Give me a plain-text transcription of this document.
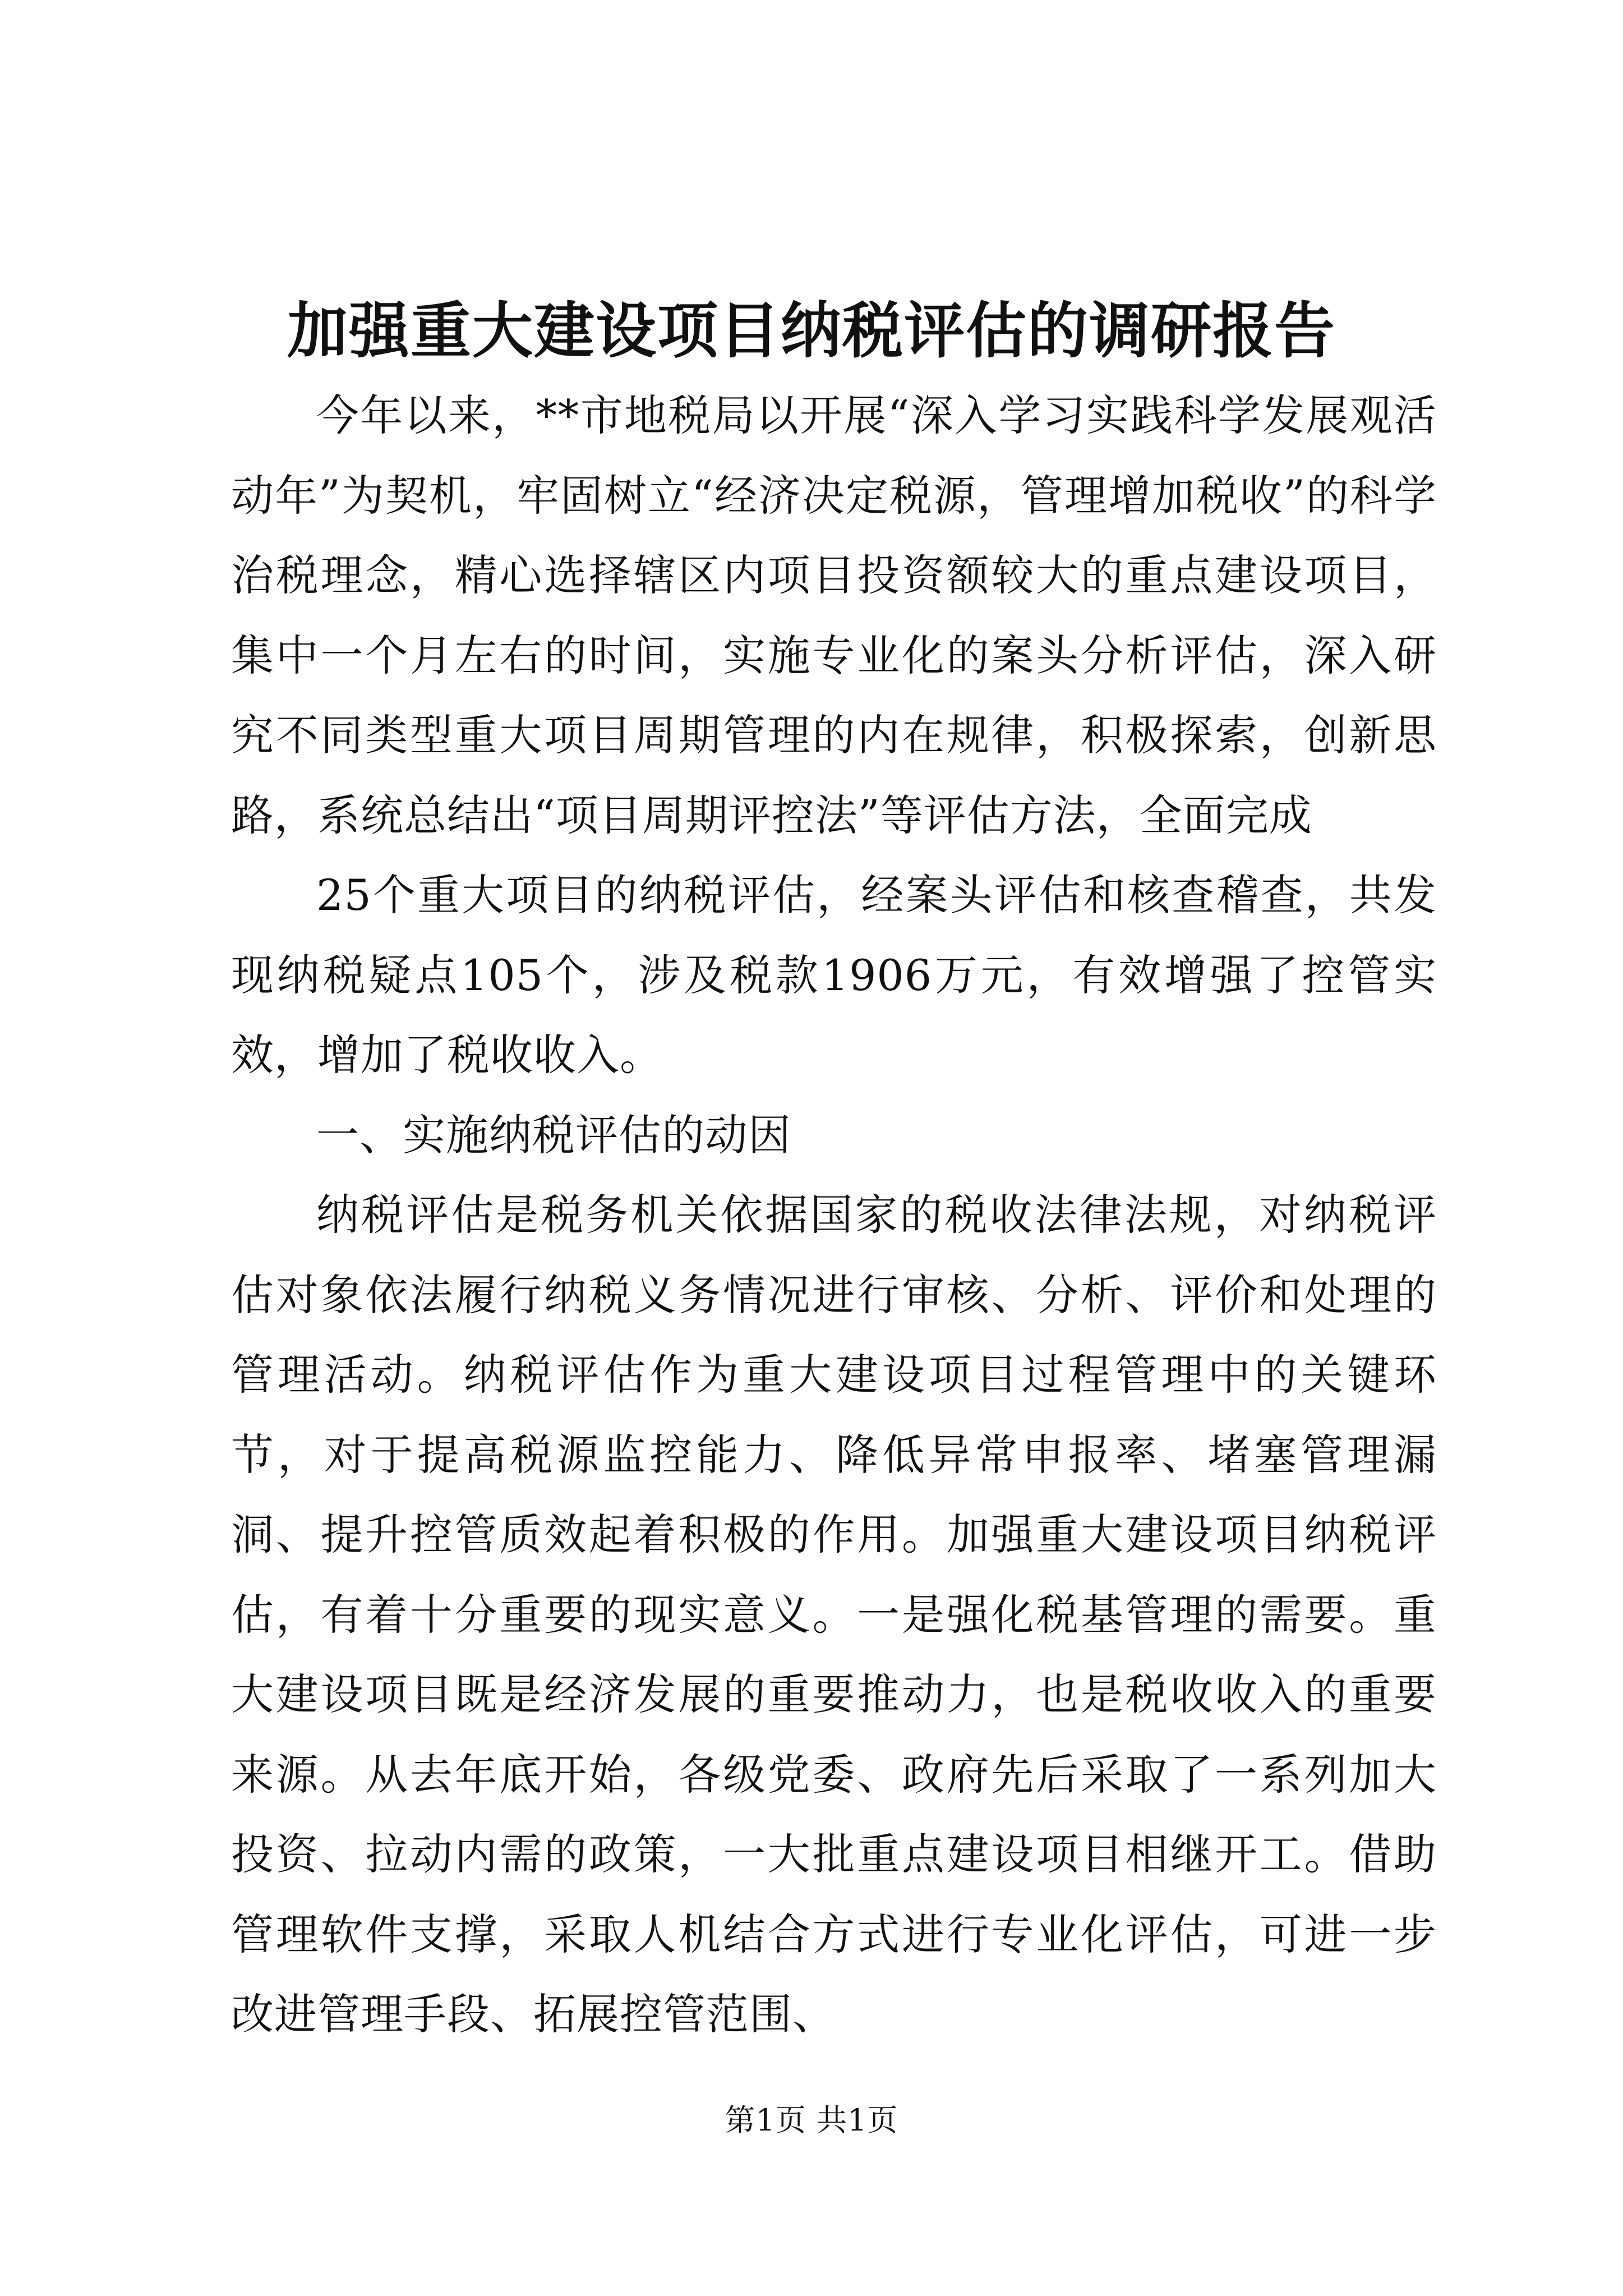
加强重大建设项目纳税评估的调研报告

今年以来，**市地税局以开展“深入学习实践科学发展观活动年”为契机，牢固树立“经济决定税源，管理增加税收”的科学治税理念，精心选择辖区内项目投资额较大的重点建设项目，集中一个月左右的时间，实施专业化的案头分析评估，深入研究不同类型重大项目周期管理的内在规律，积极探索，创新思路，系统总结出“项目周期评控法”等评估方法，全面完成

25个重大项目的纳税评估，经案头评估和核查稽查，共发现纳税疑点105个，涉及税款1906万元，有效增强了控管实效，增加了税收收入。

一、实施纳税评估的动因

纳税评估是税务机关依据国家的税收法律法规，对纳税评估对象依法履行纳税义务情况进行审核、分析、评价和处理的管理活动。纳税评估作为重大建设项目过程管理中的关键环节，对于提高税源监控能力、降低异常申报率、堵塞管理漏洞、提升控管质效起着积极的作用。加强重大建设项目纳税评估，有着十分重要的现实意义。一是强化税基管理的需要。重大建设项目既是经济发展的重要推动力，也是税收收入的重要来源。从去年底开始，各级党委、政府先后采取了一系列加大投资、拉动内需的政策，一大批重点建设项目相继开工。借助管理软件支撑，采取人机结合方式进行专业化评估，可进一步改进管理手段、拓展控管范围、

第1页 共1页
